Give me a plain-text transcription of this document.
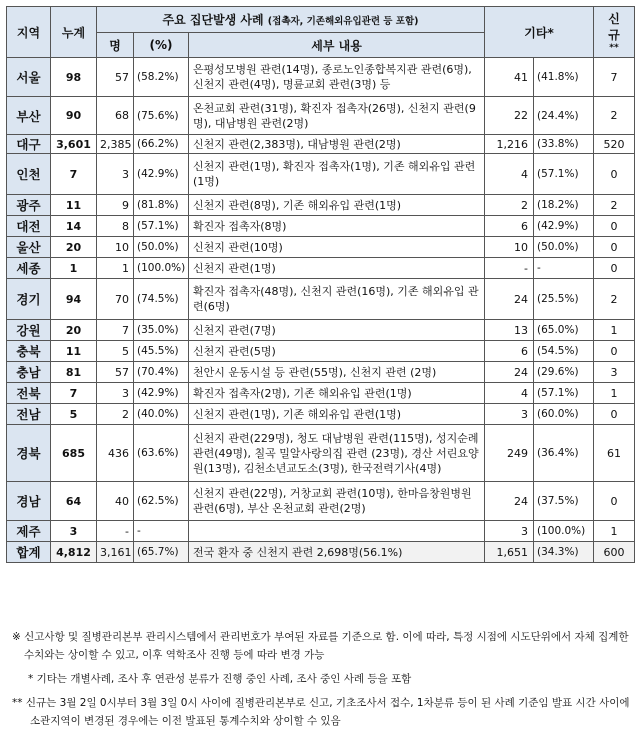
지역	누계	주요 집단발생 사례 (접촉자, 기존해외유입관련 등 포함)			기타*		신규
**

		명	(%)	세부 내용			
서울	98	57	(58.2%)	은평성모병원 관련(14명), 종로노인종합복지관 관련(6명), 신천지 관련(4명), 명륜교회 관련(3명) 등	41	(41.8%)	7
부산	90	68	(75.6%)	온천교회 관련(31명), 확진자 접촉자(26명), 신천지 관련(9명), 대남병원 관련(2명)	22	(24.4%)	2
대구	3,601	2,385	(66.2%)	신천지 관련(2,383명), 대남병원 관련(2명)	1,216	(33.8%)	520
인천	7	3	(42.9%)	신천지 관련(1명), 확진자 접촉자(1명), 기존 해외유입 관련 (1명)	4	(57.1%)	0
광주	11	9	(81.8%)	신천지 관련(8명), 기존 해외유입 관련(1명)	2	(18.2%)	2
대전	14	8	(57.1%)	확진자 접촉자(8명)	6	(42.9%)	0
울산	20	10	(50.0%)	신천지 관련(10명)	10	(50.0%)	0
세종	1	1	(100.0%)	신천지 관련(1명)	-	-	0
경기	94	70	(74.5%)	확진자 접촉자(48명), 신천지 관련(16명), 기존 해외유입 관련(6명)	24	(25.5%)	2
강원	20	7	(35.0%)	신천지 관련(7명)	13	(65.0%)	1
충북	11	5	(45.5%)	신천지 관련(5명)	6	(54.5%)	0
충남	81	57	(70.4%)	천안시 운동시설 등 관련(55명), 신천지 관련 (2명)	24	(29.6%)	3
전북	7	3	(42.9%)	확진자 접촉자(2명), 기존 해외유입 관련(1명)	4	(57.1%)	1
전남	5	2	(40.0%)	신천지 관련(1명), 기존 해외유입 관련(1명)	3	(60.0%)	0
경북	685	436	(63.6%)	신천지 관련(229명), 청도 대남병원 관련(115명), 성지순례 관련(49명), 칠곡 밀알사랑의집 관련 (23명), 경산 서린요양원(13명), 김천소년교도소(3명), 한국전력기사(4명)	249	(36.4%)	61
경남	64	40	(62.5%)	신천지 관련(22명), 거창교회 관련(10명), 한마음창원병원 관련(6명), 부산 온천교회 관련(2명)	24	(37.5%)	0
제주	3	-	-		3	(100.0%)	1
합계	4,812	3,161	(65.7%)	전국 환자 중 신천지 관련 2,698명(56.1%)	1,651	(34.3%)	600

※ 신고사항 및 질병관리본부 관리시스템에서 관리번호가 부여된 자료를 기준으로 함. 이에 따라, 특정 시점에 시도단위에서 자체 집계한 수치와는 상이할 수 있고, 이후 역학조사 진행 등에 따라 변경 가능

* 기타는 개별사례, 조사 후 연관성 분류가 진행 중인 사례, 조사 중인 사례 등을 포함

** 신규는 3월 2일 0시부터 3월 3일 0시 사이에 질병관리본부로 신고, 기초조사서 접수, 1차분류 등이 된 사례 기준임 발표 시간 사이에 소관지역이 변경된 경우에는 이전 발표된 통계수치와 상이할 수 있음
